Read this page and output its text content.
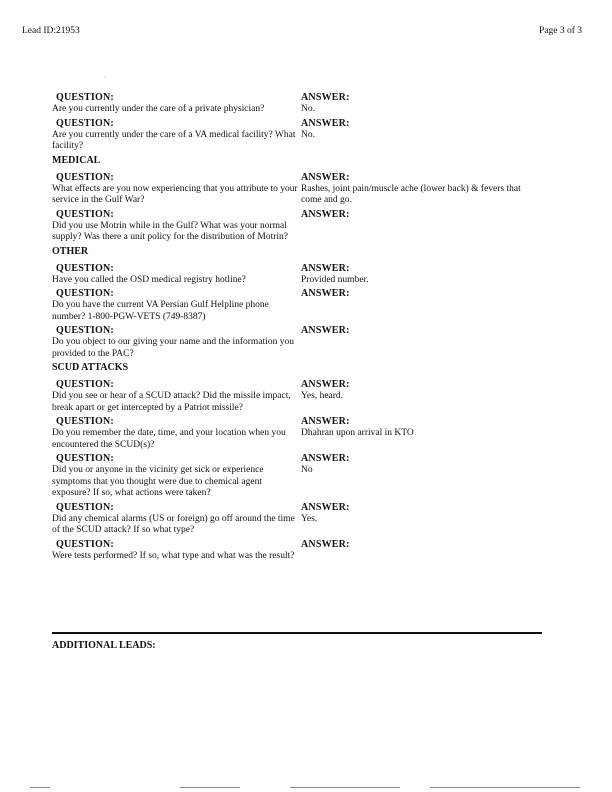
Lead ID:21953	Page 3 of 3
QUESTION:	ANSWER:
Are you currently under the care of a private physician?	No.
QUESTION:	ANSWER:
Are you currently under the care of a VA medical facility? What facility?
No.
MEDICAL
QUESTION:	ANSWER:
What effects are you now experiencing that you attribute to your service in the Gulf War?
Rashes, joint pain/muscle ache (lower back) & fevers that come and go.
QUESTION:	ANSWER:
Did you use Motrin while in the Gulf? What was your normal supply? Was there a unit policy for the distribution of Motrin?
OTHER
QUESTION:	ANSWER:
Have you called the OSD medical registry hotline?	Provided number.
QUESTION:	ANSWER:
Do you have the current VA Persian Gulf Helpline phone number? 1-800-PGW-VETS (749-8387)
QUESTION:	ANSWER:
Do you object to our giving your name and the information you provided to the PAC?
SCUD ATTACKS
QUESTION:	ANSWER:
Did you see or hear of a SCUD attack? Did the missile impact, break apart or get intercepted by a Patriot missile?
Yes, heard.
QUESTION:	ANSWER:
Do you remember the date, time, and your location when you encountered the SCUD(s)?
Dhahran upon arrival in KTO
QUESTION:	ANSWER:
Did you or anyone in the vicinity get sick or experience symptoms that you thought were due to chemical agent exposure? If so, what actions were taken?
No
QUESTION:	ANSWER:
Did any chemical alarms (US or foreign) go off around the time of the SCUD attack? If so what type?
Yes.
QUESTION:	ANSWER:
Were tests performed? If so, what type and what was the result?
ADDITIONAL LEADS:
